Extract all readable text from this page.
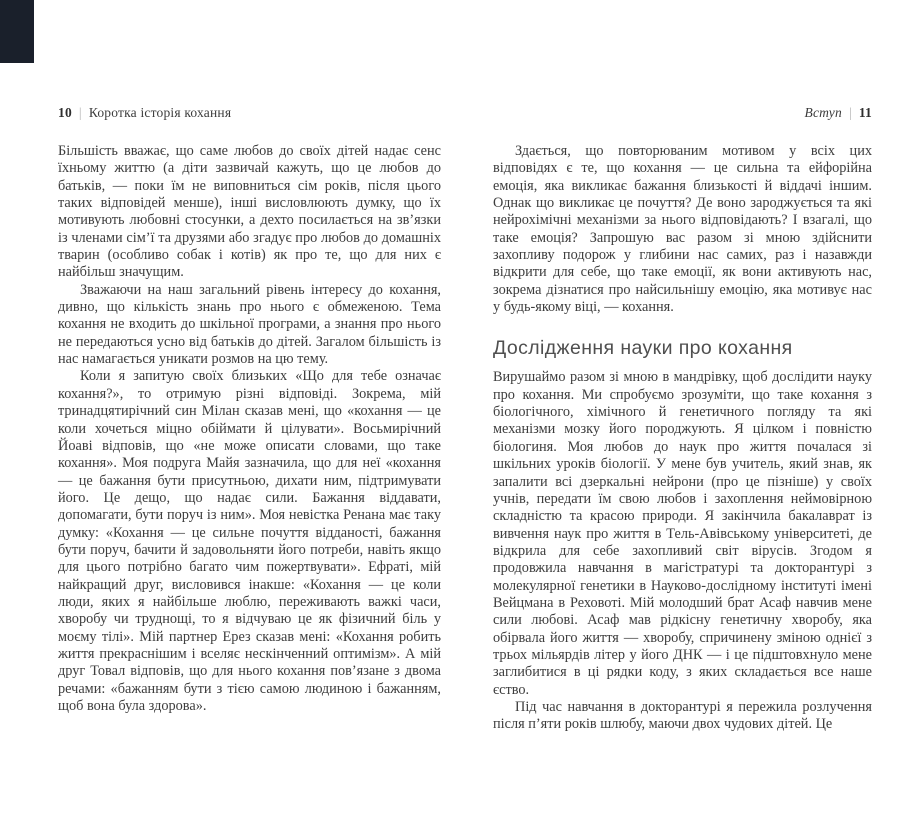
10 | Коротка історія кохання

Більшість вважає, що саме любов до своїх дітей надає сенс їхньому життю (а діти зазвичай кажуть, що це любов до батьків, — поки їм не виповниться сім років, після цього таких відповідей менше), інші висловлюють думку, що їх мотивують любовні стосунки, а дехто посилається на зв’язки із членами сім’ї та друзями або згадує про любов до домашніх тварин (особливо собак і котів) як про те, що для них є найбільш значущим.

Зважаючи на наш загальний рівень інтересу до кохання, дивно, що кількість знань про нього є обмеженою. Тема кохання не входить до шкільної програми, а знання про нього не передаються усно від батьків до дітей. Загалом більшість із нас намагається уникати розмов на цю тему.

Коли я запитую своїх близьких «Що для тебе означає кохання?», то отримую різні відповіді. Зокрема, мій тринадцятирічний син Мілан сказав мені, що «кохання — це коли хочеться міцно обіймати й цілувати». Восьмирічний Йоаві відповів, що «не може описати словами, що таке кохання». Моя подруга Майя зазначила, що для неї «кохання — це бажання бути присутньою, дихати ним, підтримувати його. Це дещо, що надає сили. Бажання віддавати, допомагати, бути поруч із ним». Моя невістка Ренана має таку думку: «Кохання — це сильне почуття відданості, бажання бути поруч, бачити й задовольняти його потреби, навіть якщо для цього потрібно багато чим пожертвувати». Ефраті, мій найкращий друг, висловився інакше: «Кохання — це коли люди, яких я найбільше люблю, переживають важкі часи, хворобу чи труднощі, то я відчуваю це як фізичний біль у моєму тілі». Мій партнер Ерез сказав мені: «Кохання робить життя прекраснішим і вселяє нескінченний оптимізм». А мій друг Товал відповів, що для нього кохання пов’язане з двома речами: «бажанням бути з тією самою людиною і бажанням, щоб вона була здорова».

Вступ | 11

Здається, що повторюваним мотивом у всіх цих відповідях є те, що кохання — це сильна та ейфорійна емоція, яка викликає бажання близькості й віддачі іншим. Однак що викликає це почуття? Де воно зароджується та які нейрохімічні механізми за нього відповідають? І взагалі, що таке емоція? Запрошую вас разом зі мною здійснити захопливу подорож у глибини нас самих, раз і назавжди відкрити для себе, що таке емоції, як вони активують нас, зокрема дізнатися про найсильнішу емоцію, яка мотивує нас у будь-якому віці, — кохання.

Дослідження науки про кохання

Вирушаймо разом зі мною в мандрівку, щоб дослідити науку про кохання. Ми спробуємо зрозуміти, що таке кохання з біологічного, хімічного й генетичного погляду та які механізми мозку його породжують. Я цілком і повністю біологиня. Моя любов до наук про життя почалася зі шкільних уроків біології. У мене був учитель, який знав, як запалити всі дзеркальні нейрони (про це пізніше) у своїх учнів, передати їм свою любов і захоплення неймовірною складністю та красою природи. Я закінчила бакалаврат із вивчення наук про життя в Тель-Авівському університеті, де відкрила для себе захопливий світ вірусів. Згодом я продовжила навчання в магістратурі та докторантурі з молекулярної генетики в Науково-дослідному інституті імені Вейцмана в Реховоті. Мій молодший брат Асаф навчив мене сили любові. Асаф мав рідкісну генетичну хворобу, яка обірвала його життя — хворобу, спричинену зміною однієї з трьох мільярдів літер у його ДНК — і це підштовхнуло мене заглибитися в ці рядки коду, з яких складається все наше єство.

Під час навчання в докторантурі я пережила розлучення після п’яти років шлюбу, маючи двох чудових дітей. Це
